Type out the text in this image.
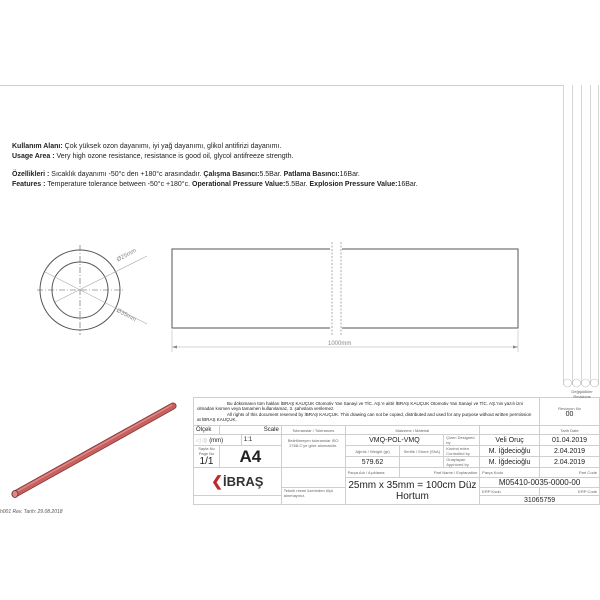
Kullanım Alanı: Çok yüksek ozon dayanımı, iyi yağ dayanımı, glikol antifirizi dayanımı.
Usage Area : Very high ozone resistance, resistance is good oil, glycol antifreeze strength.
Özellikleri : Sıcaklık dayanımı -50°c den +180°c arasındadır. Çalışma Basıncı:5.5Bar. Patlama Basıncı:16Bar.
Features : Temperature tolerance between -50°c +180°c. Operational Pressure Value:5.5Bar. Explosion Pressure Value:16Bar.
Ø25mm
Ø35mm
1000mm
Bu dökümanın tüm hakları İBRAŞ KAUÇUK Otomotiv Yan Sanayi ve TİC. AŞ.'e aittir İBRAŞ KAUÇUK Otomotiv Yan Sanayi ve TİC. AŞ.'nin yazılı izni olmadan kısmen veya tamamen kullanılamaz, 3. şahıslara verilemez.
All rights of this document reserved by İBRAŞ KAUÇUK. This drawing can not be copied, distributed and used for any purpose without written permission at İBRAŞ KAUÇUK.

Revizyon No
00

Ölçek	Scale		Toleranslar / Tolerances	Malzeme / Material				Tarih Date
◁ ◎ (mm)		1:1	Belirtilmeyen toleranslar ISO 2768-C'ye göre alınmalıdır.	VMQ-POL-VMQ		Çizen Designed by	Veli Oruç	01.04.2019

Sayfa No Page No
1/1	A4			Ağırlık / Weight (gr)	Sertlik / Shore (ShA)	Kontrol eden Controlled by	M. İğdecioğlu	2.04.2019
				579.62		Onaylayan Approved by	M. İğdecioğlu	2.04.2019
❮İBRAŞ				Parça Adı / Açıklama	Part Name / Explanation		Parça Kodu	Part Code
				25mm x 35mm = 100cm Düz Hortum			M05410-0035-0000-00	
			Teknik resmi üzerinden ölçü alınmayınız.				ERP Kodu	ERP Code
							31065759	
Değişiklikler Revisions
h001 Rev. Tarih: 29.08.2018
